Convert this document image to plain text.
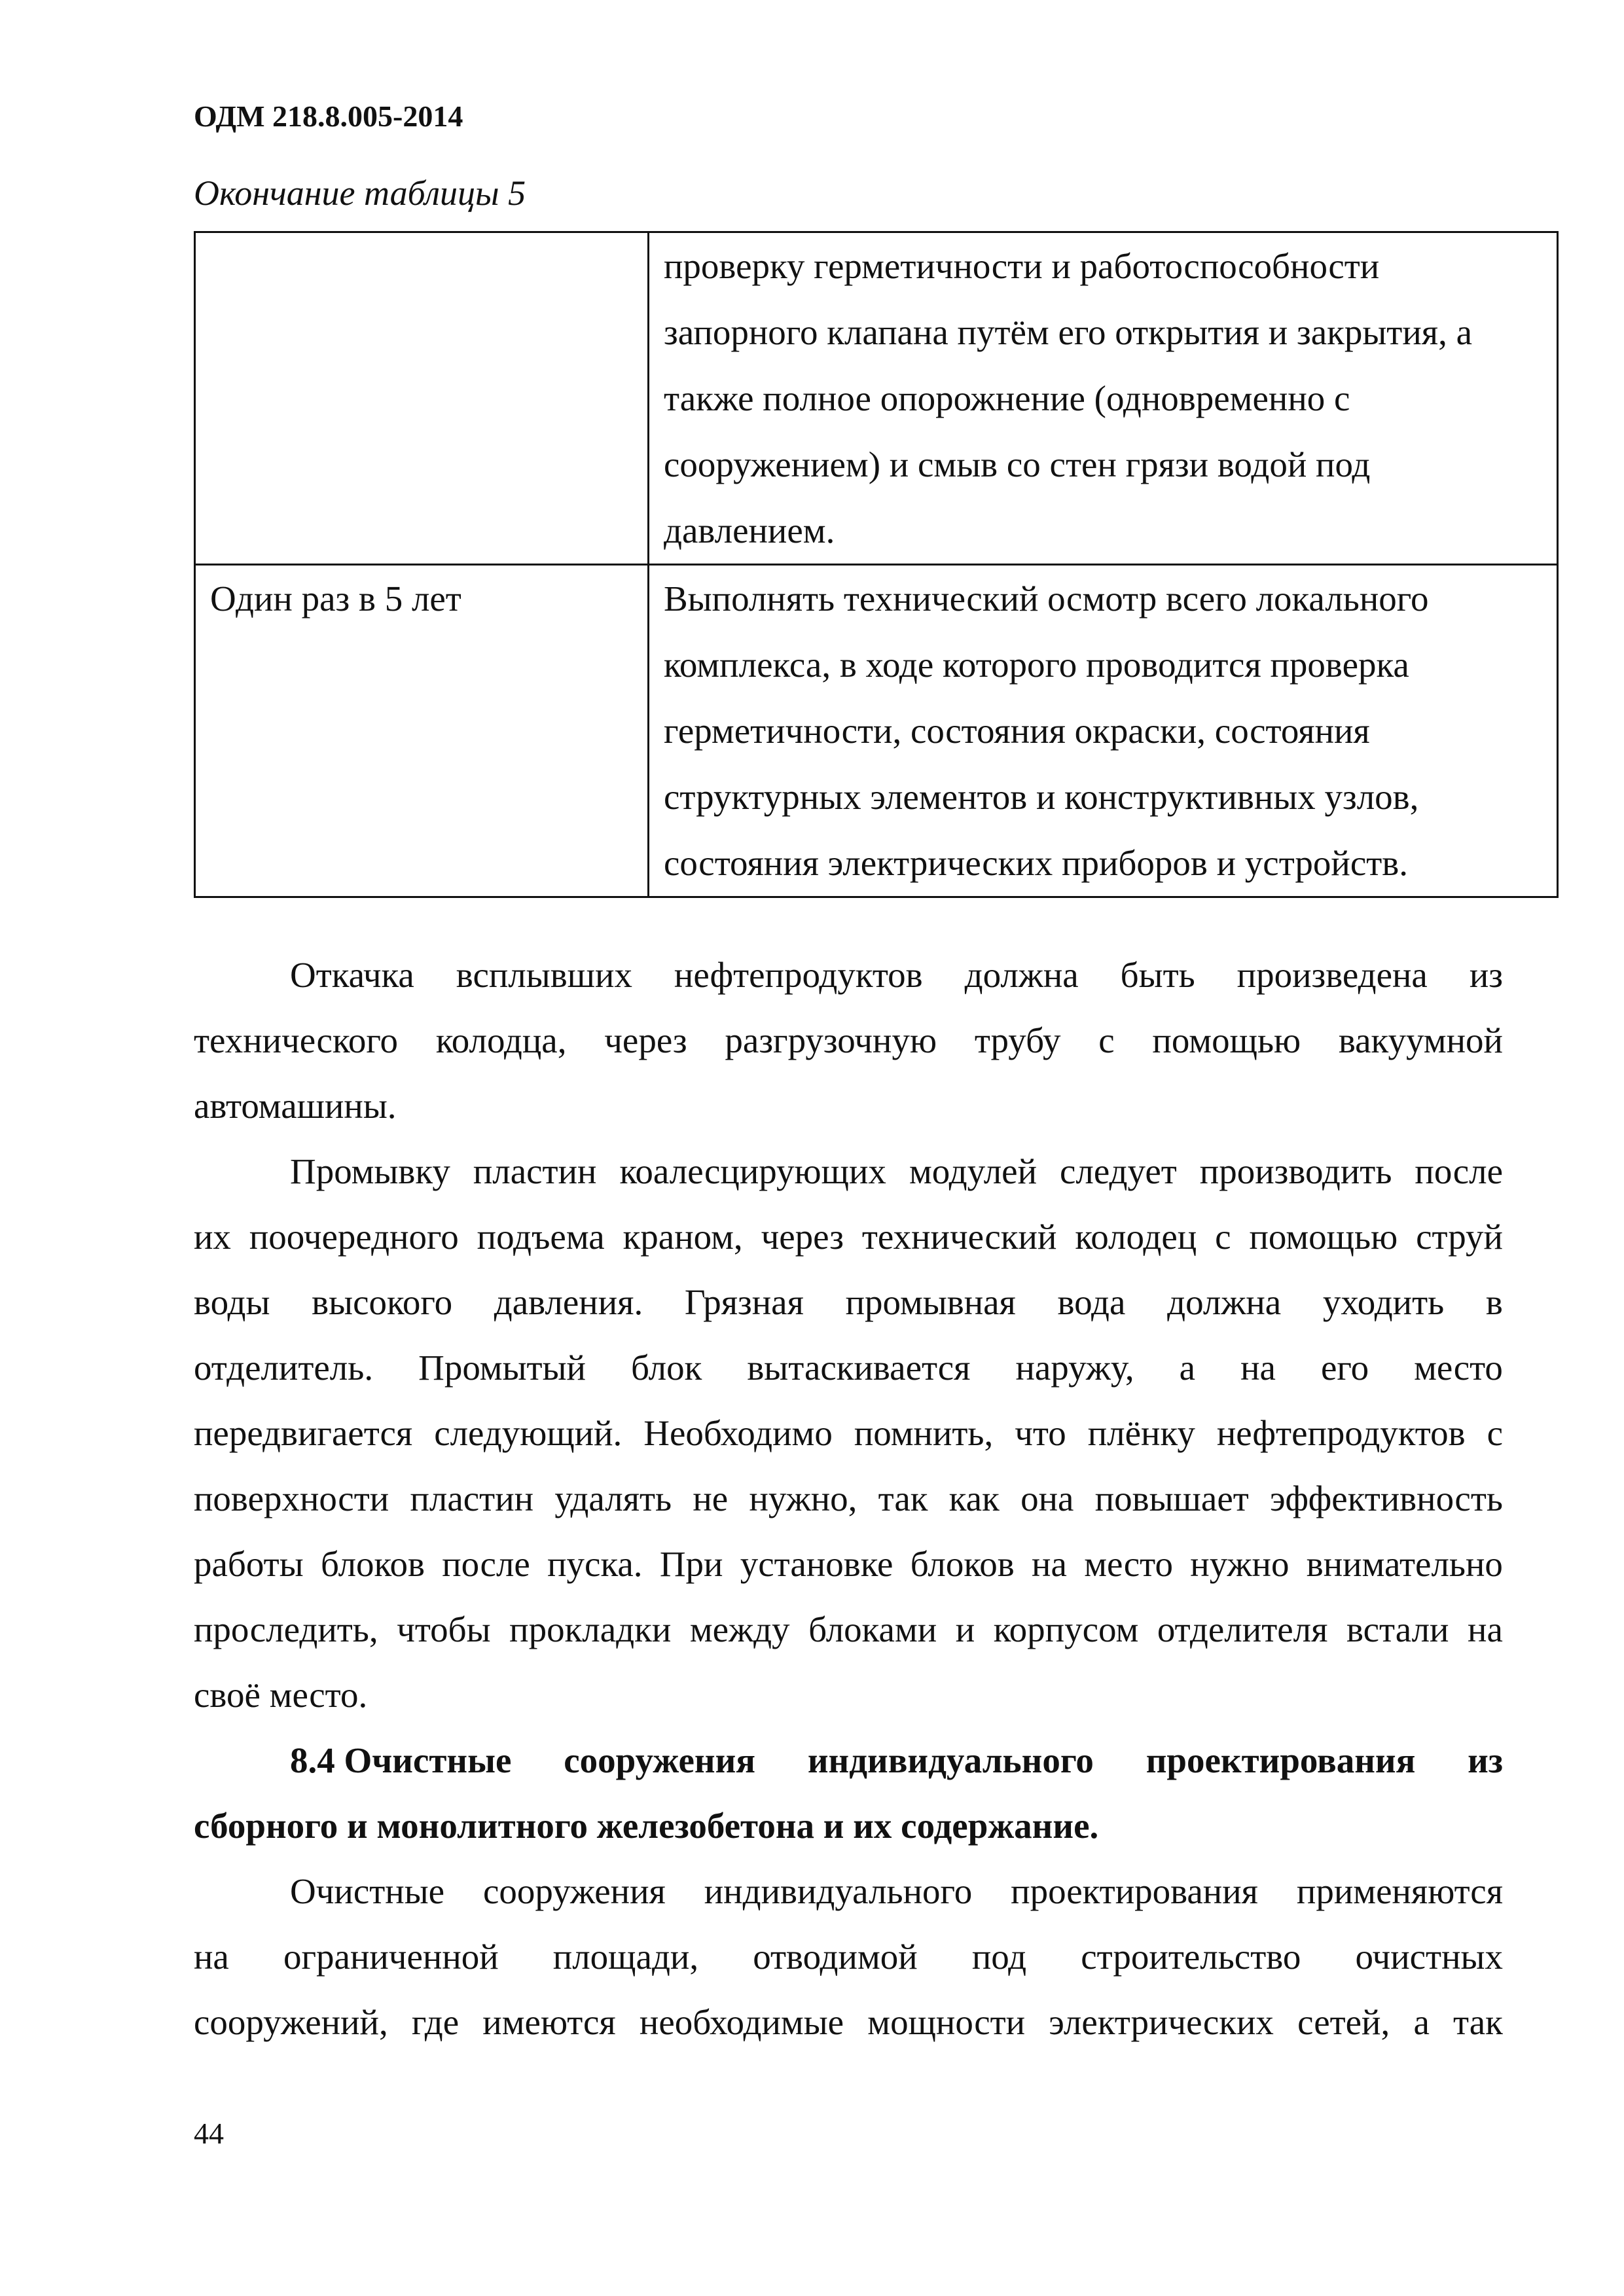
ОДМ 218.8.005-2014
Окончание таблицы 5

	проверку герметичности и работоспособности
запорного клапана путём его открытия и закрытия, а
также полное опорожнение (одновременно с
сооружением) и смыв со стен грязи водой под
давлением.

Один раз в 5 лет	Выполнять технический осмотр всего локального
комплекса, в ходе которого проводится проверка
герметичности, состояния окраски, состояния
структурных элементов и конструктивных узлов,
состояния электрических приборов и устройств.
Откачка всплывших нефтепродуктов должна быть произведена из
технического колодца, через разгрузочную трубу с помощью вакуумной
автомашины.
Промывку пластин коалесцирующих модулей следует производить после
их поочередного подъема краном, через технический колодец с помощью струй
воды высокого давления. Грязная промывная вода должна уходить в
отделитель. Промытый блок вытаскивается наружу, а на его место
передвигается следующий. Необходимо помнить, что плёнку нефтепродуктов с
поверхности пластин удалять не нужно, так как она повышает эффективность
работы блоков после пуска. При установке блоков на место нужно внимательно
проследить, чтобы прокладки между блоками и корпусом отделителя встали на
своё место.
8.4 Очистные сооружения индивидуального проектирования из
сборного и монолитного железобетона и их содержание.
Очистные сооружения индивидуального проектирования применяются
на ограниченной площади, отводимой под строительство очистных
сооружений, где имеются необходимые мощности электрических сетей, а так
44
